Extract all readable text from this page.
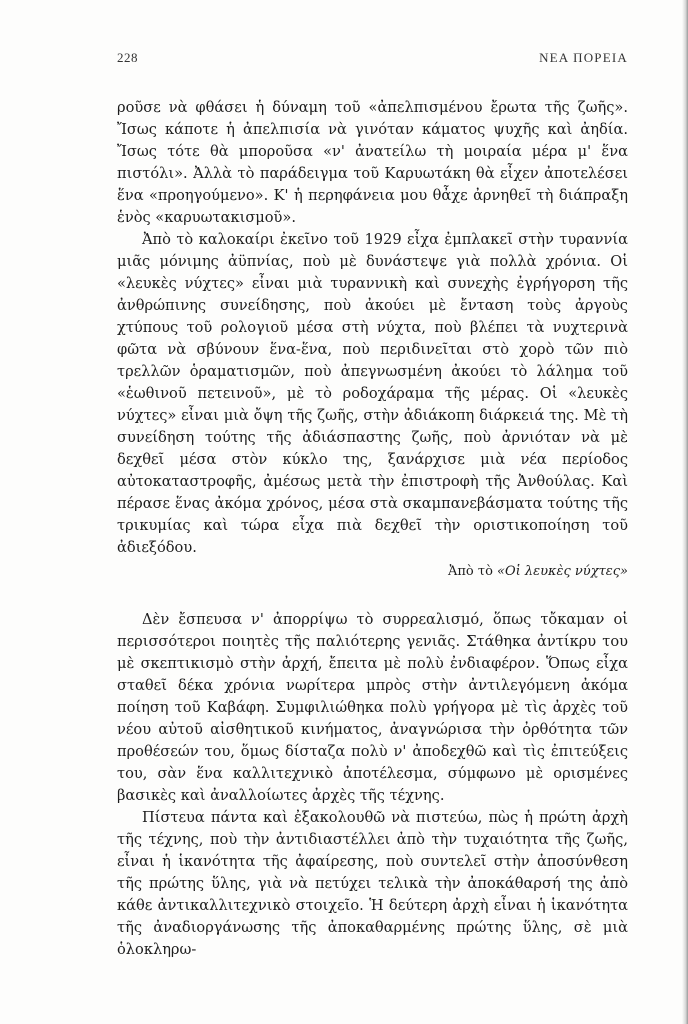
228	ΝΕΑ ΠΟΡΕΙΑ

ροῦσε νὰ φθάσει ἡ δύναμη τοῦ «ἀπελπισμένου ἔρωτα τῆς ζωῆς». Ἴσως κάποτε ἡ ἀπελπισία νὰ γινόταν κάματος ψυχῆς καὶ ἀηδία. Ἴσως τότε θὰ μποροῦσα «ν' ἀνατείλω τὴ μοιραία μέρα μ' ἕνα πιστόλι». Ἀλλὰ τὸ παράδειγμα τοῦ Καρυωτάκη θὰ εἶχεν ἀποτελέσει ἕνα «προηγούμενο». Κ' ἡ περηφάνεια μου θἆχε ἀρνηθεῖ τὴ διάπραξη ἑνὸς «καρυωτακισμοῦ».

Ἀπὸ τὸ καλοκαίρι ἐκεῖνο τοῦ 1929 εἶχα ἐμπλακεῖ στὴν τυραννία μιᾶς μόνιμης ἀϋπνίας, ποὺ μὲ δυνάστεψε γιὰ πολλὰ χρόνια. Οἱ «λευκὲς νύχτες» εἶναι μιὰ τυραννικὴ καὶ συνεχὴς ἐγρήγορση τῆς ἀνθρώπινης συνείδησης, ποὺ ἀκούει μὲ ἔνταση τοὺς ἀργοὺς χτύπους τοῦ ρολογιοῦ μέσα στὴ νύχτα, ποὺ βλέπει τὰ νυχτερινὰ φῶτα νὰ σβύνουν ἕνα-ἕνα, ποὺ περιδινεῖται στὸ χορὸ τῶν πιὸ τρελλῶν ὁραματισμῶν, ποὺ ἀπεγνωσμένη ἀκούει τὸ λάλημα τοῦ «ἑωθινοῦ πετεινοῦ», μὲ τὸ ροδοχάραμα τῆς μέρας. Οἱ «λευκὲς νύχτες» εἶναι μιὰ ὄψη τῆς ζωῆς, στὴν ἀδιάκοπη διάρκειά της. Μὲ τὴ συνείδηση τούτης τῆς ἀδιάσπαστης ζωῆς, ποὺ ἀρνιόταν νὰ μὲ δεχθεῖ μέσα στὸν κύκλο της, ξανάρχισε μιὰ νέα περίοδος αὐτοκαταστροφῆς, ἀμέσως μετὰ τὴν ἐπιστροφὴ τῆς Ἀνθούλας. Καὶ πέρασε ἕνας ἀκόμα χρόνος, μέσα στὰ σκαμπανεβάσματα τούτης τῆς τρικυμίας καὶ τώρα εἶχα πιὰ δεχθεῖ τὴν οριστικοποίηση τοῦ ἀδιεξόδου.

Ἀπὸ τὸ «Οἱ λευκὲς νύχτες»

Δὲν ἔσπευσα ν' ἀπορρίψω τὸ συρρεαλισμό, ὅπως τὄκαμαν οἱ περισσότεροι ποιητὲς τῆς παλιότερης γενιᾶς. Στάθηκα ἀντίκρυ του μὲ σκεπτικισμὸ στὴν ἀρχή, ἔπειτα μὲ πολὺ ἐνδιαφέρον. Ὅπως εἶχα σταθεῖ δέκα χρόνια νωρίτερα μπρὸς στὴν ἀντιλεγόμενη ἀκόμα ποίηση τοῦ Καβάφη. Συμφιλιώθηκα πολὺ γρήγορα μὲ τὶς ἀρχὲς τοῦ νέου αὐτοῦ αἰσθητικοῦ κινήματος, ἀναγνώρισα τὴν ὀρθότητα τῶν προθέσεών του, ὅμως δίσταζα πολὺ ν' ἀποδεχθῶ καὶ τὶς ἐπιτεύξεις του, σὰν ἕνα καλλιτεχνικὸ ἀποτέλεσμα, σύμφωνο μὲ ορισμένες βασικὲς καὶ ἀναλλοίωτες ἀρχὲς τῆς τέχνης.

Πίστευα πάντα καὶ ἐξακολουθῶ νὰ πιστεύω, πὼς ἡ πρώτη ἀρχὴ τῆς τέχνης, ποὺ τὴν ἀντιδιαστέλλει ἀπὸ τὴν τυχαιότητα τῆς ζωῆς, εἶναι ἡ ἱκανότητα τῆς ἀφαίρεσης, ποὺ συντελεῖ στὴν ἀποσύνθεση τῆς πρώτης ὕλης, γιὰ νὰ πετύχει τελικὰ τὴν ἀποκάθαρσή της ἀπὸ κάθε ἀντικαλλιτεχνικὸ στοιχεῖο. Ἡ δεύτερη ἀρχὴ εἶναι ἡ ἱκανότητα τῆς ἀναδιοργάνωσης τῆς ἀποκαθαρμένης πρώτης ὕλης, σὲ μιὰ ὁλοκληρω-
